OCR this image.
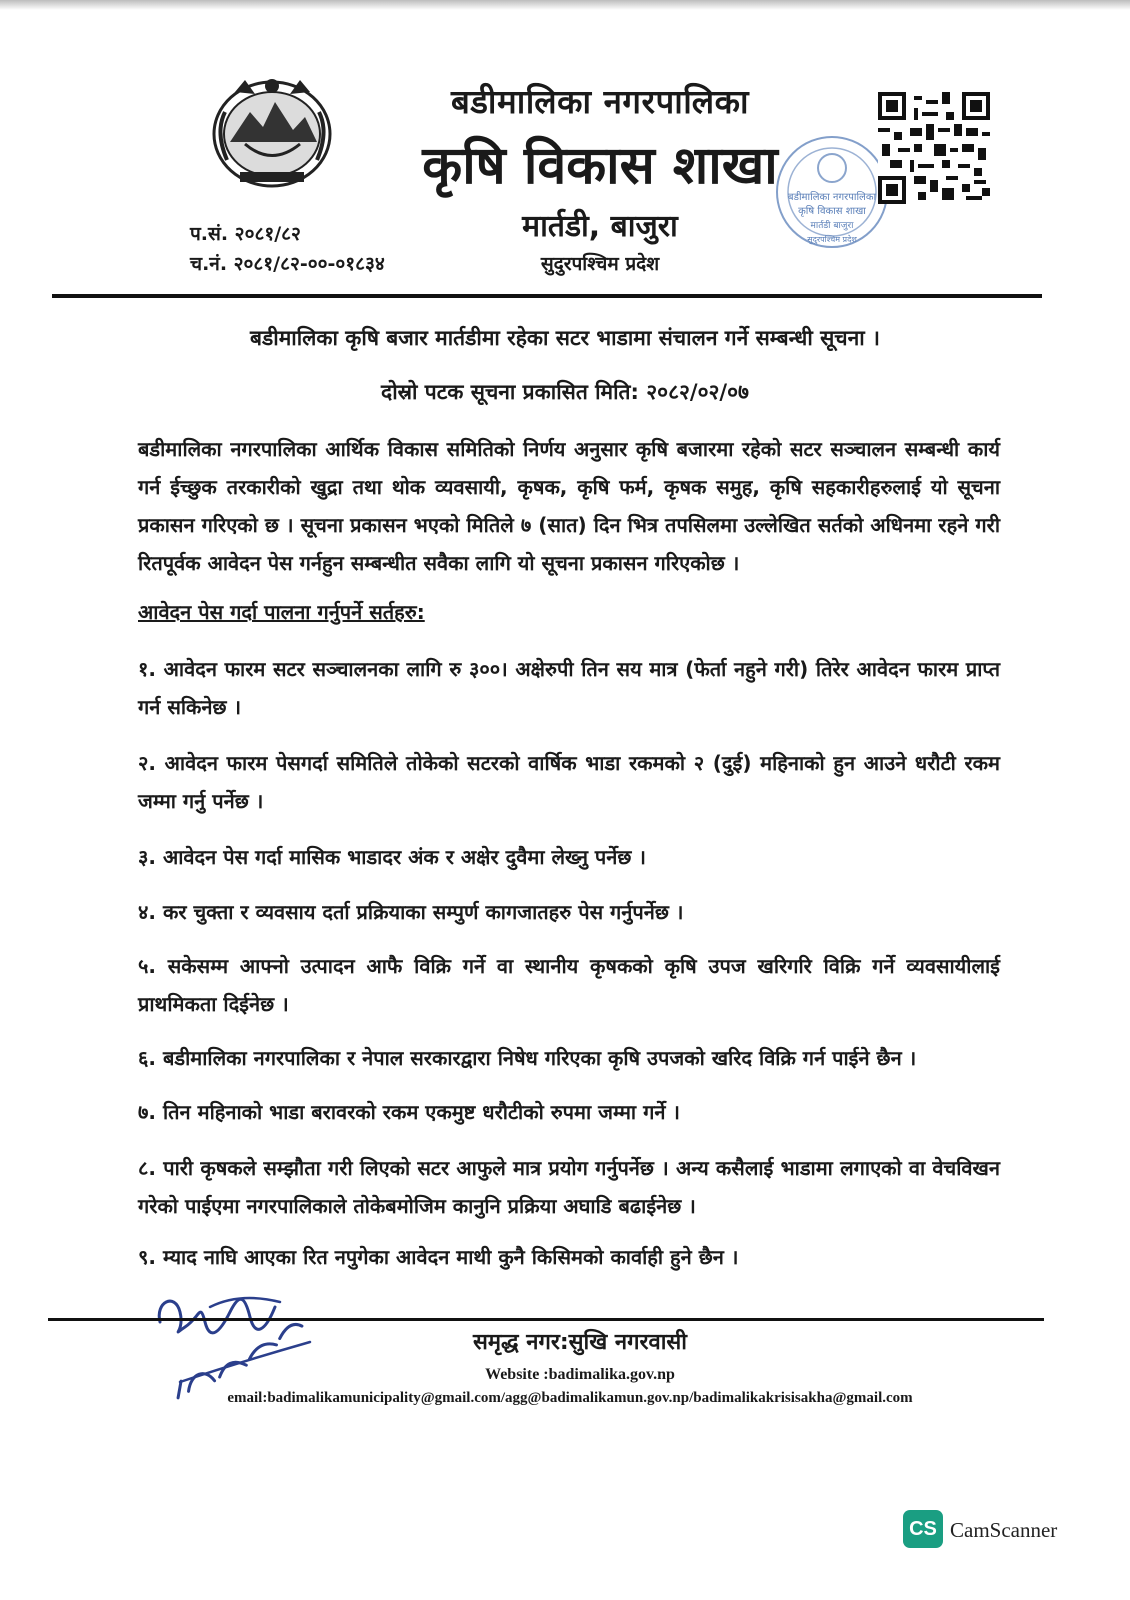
बडीमालिका नगरपालिका
कृषि विकास शाखा
मार्तडी, बाजुरा
सुदुरपश्चिम प्रदेश
प.सं. २०८१/८२
च.नं. २०८१/८२-००-०१८३४
बडीमालिका नगरपालिका
कृषि विकास शाखा
मार्तडी बाजुरा
सुदुरपश्चिम प्रदेश
बडीमालिका कृषि बजार मार्तडीमा रहेका सटर भाडामा संचालन गर्ने सम्बन्धी सूचना ।
दोस्रो पटक सूचना प्रकासित मिति: २०८२/०२/०७

बडीमालिका नगरपालिका आर्थिक विकास समितिको निर्णय अनुसार कृषि बजारमा रहेको सटर सञ्चालन सम्बन्धी कार्य गर्न ईच्छुक तरकारीको खुद्रा तथा थोक व्यवसायी, कृषक, कृषि फर्म, कृषक समुह, कृषि सहकारीहरुलाई यो सूचना प्रकासन गरिएको छ । सूचना प्रकासन भएको मितिले ७ (सात) दिन भित्र तपसिलमा उल्लेखित सर्तको अधिनमा रहने गरी रितपूर्वक आवेदन पेस गर्नहुन सम्बन्धीत सवैका लागि यो सूचना प्रकासन गरिएकोछ ।

आवेदन पेस गर्दा पालना गर्नुपर्ने सर्तहरु:

१. आवेदन फारम सटर सञ्चालनका लागि रु ३००। अक्षेरुपी तिन सय मात्र (फेर्ता नहुने गरी) तिरेर आवेदन फारम प्राप्त गर्न सकिनेछ ।

२. आवेदन फारम पेसगर्दा समितिले तोकेको सटरको वार्षिक भाडा रकमको २ (दुई) महिनाको हुन आउने धरौटी रकम जम्मा गर्नु पर्नेछ ।

३. आवेदन पेस गर्दा मासिक भाडादर अंक र अक्षेर दुवैमा लेख्नु पर्नेछ ।

४. कर चुक्ता र व्यवसाय दर्ता प्रक्रियाका सम्पुर्ण कागजातहरु पेस गर्नुपर्नेछ ।

५. सकेसम्म आफ्नो उत्पादन आफै विक्रि गर्ने वा स्थानीय कृषकको कृषि उपज खरिगरि विक्रि गर्ने व्यवसायीलाई प्राथमिकता दिईनेछ ।

६. बडीमालिका नगरपालिका र नेपाल सरकारद्वारा निषेध गरिएका कृषि उपजको खरिद विक्रि गर्न पाईने छैन ।

७. तिन महिनाको भाडा बरावरको रकम एकमुष्ट धरौटीको रुपमा जम्मा गर्ने ।

८. पारी कृषकले सम्झौता गरी लिएको सटर आफुले मात्र प्रयोग गर्नुपर्नेछ । अन्य कसैलाई भाडामा लगाएको वा वेचविखन गरेको पाईएमा नगरपालिकाले तोकेबमोजिम कानुनि प्रक्रिया अघाडि बढाईनेछ ।

९. म्याद नाघि आएका रित नपुगेका आवेदन माथी कुनै किसिमको कार्वाही हुने छैन ।

समृद्ध नगर:सुखि नगरवासी
Website :badimalika.gov.np
email:badimalikamunicipality@gmail.com/agg@badimalikamun.gov.np/badimalikakrisisakha@gmail.com
CS CamScanner
